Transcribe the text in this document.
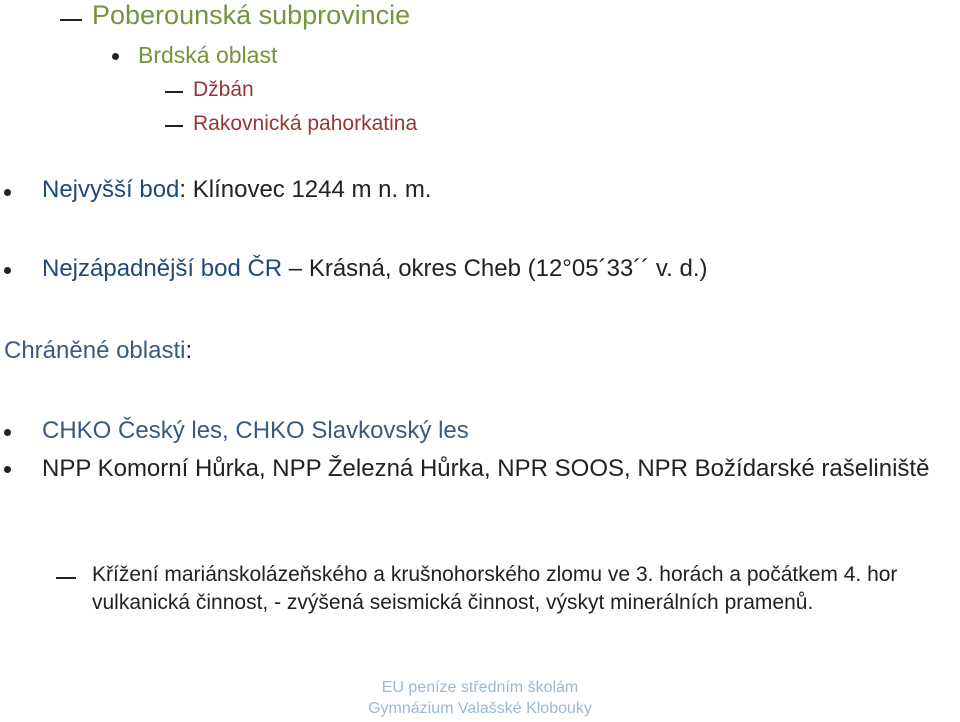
Poberounská subprovincie
Brdská oblast
Džbán
Rakovnická pahorkatina
Nejvyšší bod: Klínovec 1244 m n. m.
Nejzápadnější bod ČR – Krásná, okres Cheb (12°05´33´´ v. d.)
Chráněné oblasti:
CHKO Český les, CHKO Slavkovský les
NPP Komorní Hůrka, NPP Železná Hůrka, NPR SOOS, NPR Božídarské rašeliniště
Křížení mariánskolázeňského a krušnohorského zlomu ve 3. horách a počátkem 4. hor vulkanická činnost, - zvýšená seismická činnost, výskyt minerálních pramenů.
EU peníze středním školám
Gymnázium Valašské Klobouky
